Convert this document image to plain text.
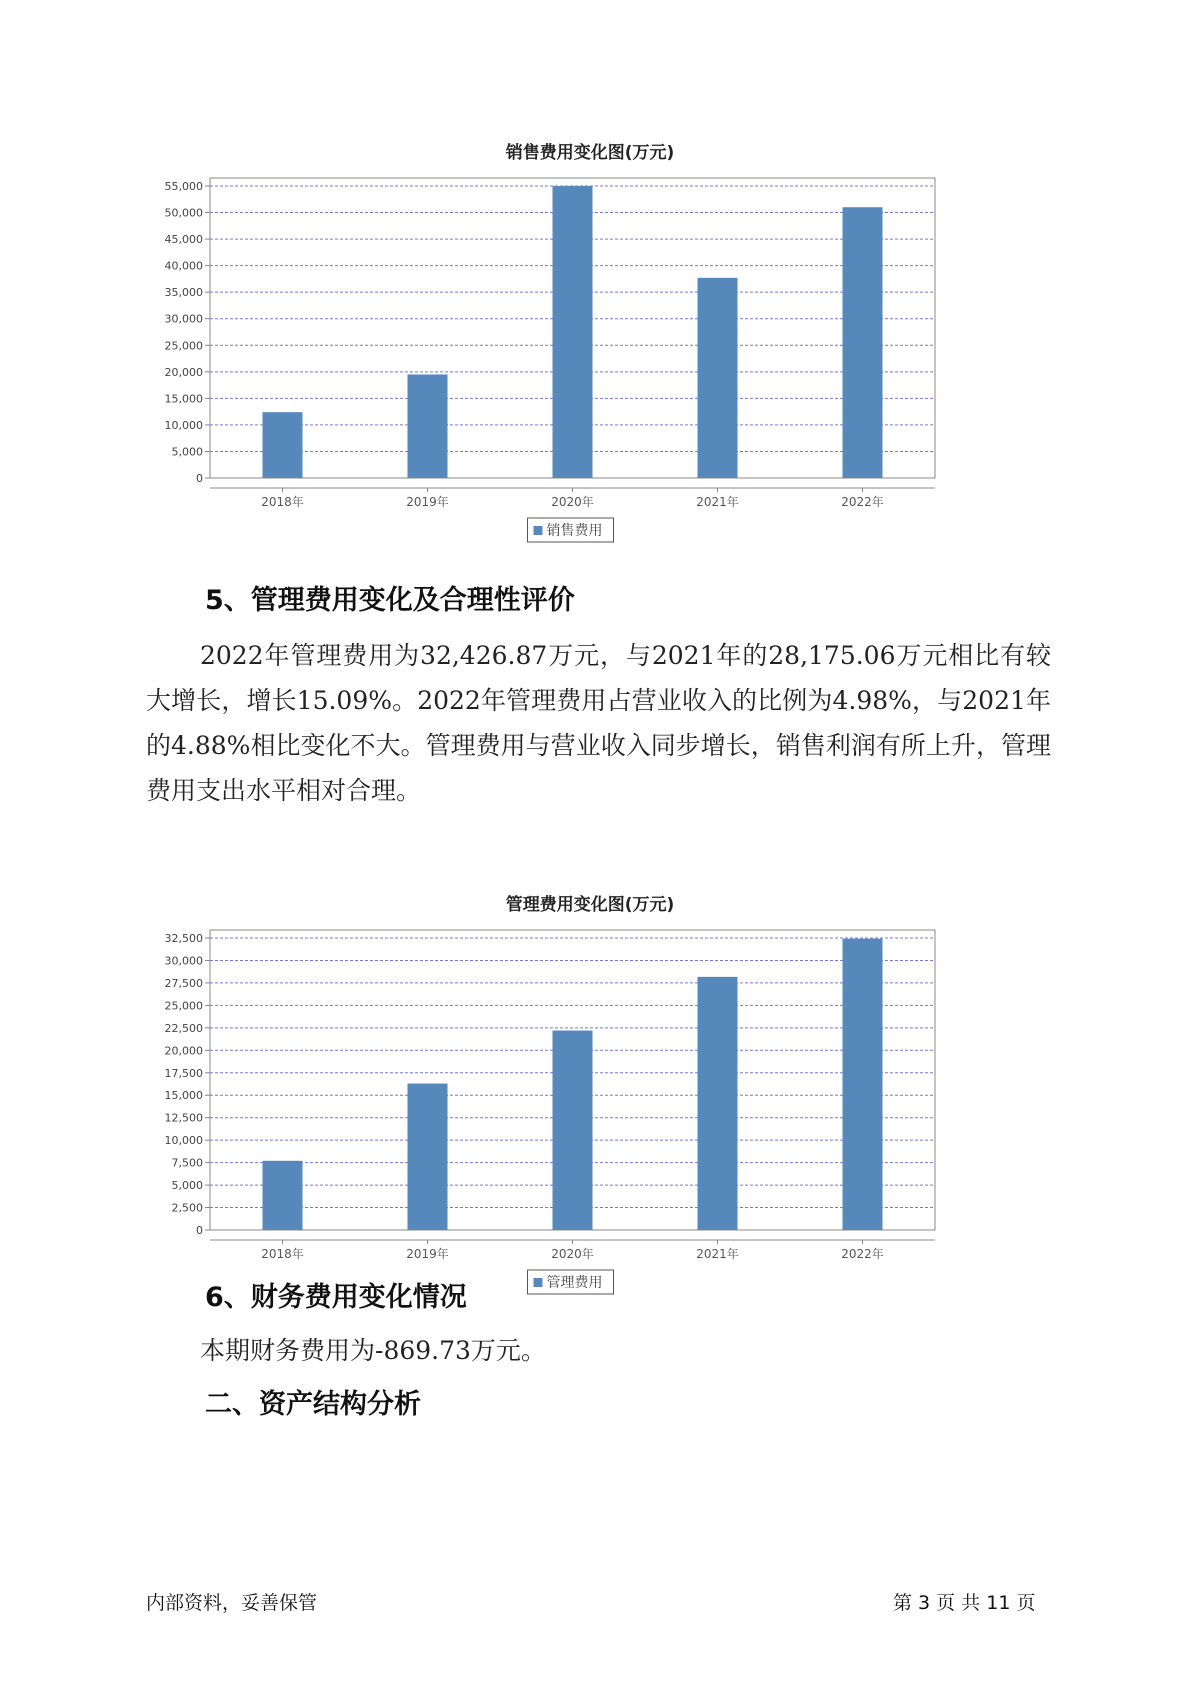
销售费用变化图(万元)
0
5,000
10,000
15,000
20,000
25,000
30,000
35,000
40,000
45,000
50,000
55,000
2018年	2019年	2020年	2021年	2022年
销售费用
5、管理费用变化及合理性评价
2022年管理费用为32,426.87万元，与2021年的28,175.06万元相比有较大增长，增长15.09%。2022年管理费用占营业收入的比例为4.98%，与2021年的4.88%相比变化不大。管理费用与营业收入同步增长，销售利润有所上升，管理费用支出水平相对合理。
管理费用变化图(万元)
0
2,500
5,000
7,500
10,000
12,500
15,000
17,500
20,000
22,500
25,000
27,500
30,000
32,500
2018年	2019年	2020年	2021年	2022年
管理费用
6、财务费用变化情况
本期财务费用为-869.73万元。
二、资产结构分析
内部资料，妥善保管	第 3 页 共 11 页
